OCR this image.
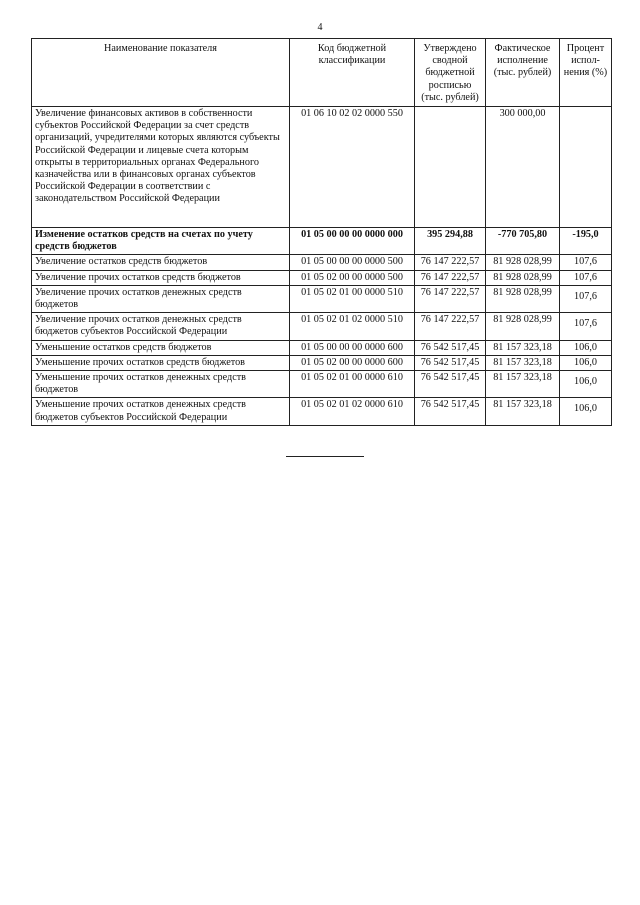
4
Наименование показателя	Код бюджетной классификации	Утверждено сводной бюджетной росписью (тыс. рублей)	Фактическое исполнение (тыс. рублей)	Процент испол-нения (%)
Увеличение финансовых активов в собственности субъектов Российской Федерации за счет средств организаций, учредителями которых являются субъекты Российской Федерации и лицевые счета которым открыты в территориальных органах Федерального казначейства или в финансовых органах субъектов Российской Федерации в соответствии с законодательством Российской Федерации	01 06 10 02 02 0000 550		300 000,00	
Изменение остатков средств на счетах по учету средств бюджетов	01 05 00 00 00 0000 000	395 294,88	-770 705,80	-195,0
Увеличение остатков средств бюджетов	01 05 00 00 00 0000 500	76 147 222,57	81 928 028,99	107,6
Увеличение прочих остатков средств бюджетов	01 05 02 00 00 0000 500	76 147 222,57	81 928 028,99	107,6
Увеличение прочих остатков денежных средств бюджетов	01 05 02 01 00 0000 510	76 147 222,57	81 928 028,99	107,6
Увеличение прочих остатков денежных средств бюджетов субъектов Российской Федерации	01 05 02 01 02 0000 510	76 147 222,57	81 928 028,99	107,6
Уменьшение остатков средств бюджетов	01 05 00 00 00 0000 600	76 542 517,45	81 157 323,18	106,0
Уменьшение прочих остатков средств бюджетов	01 05 02 00 00 0000 600	76 542 517,45	81 157 323,18	106,0
Уменьшение прочих остатков денежных средств бюджетов	01 05 02 01 00 0000 610	76 542 517,45	81 157 323,18	106,0
Уменьшение прочих остатков денежных средств бюджетов субъектов Российской Федерации	01 05 02 01 02 0000 610	76 542 517,45	81 157 323,18	106,0
